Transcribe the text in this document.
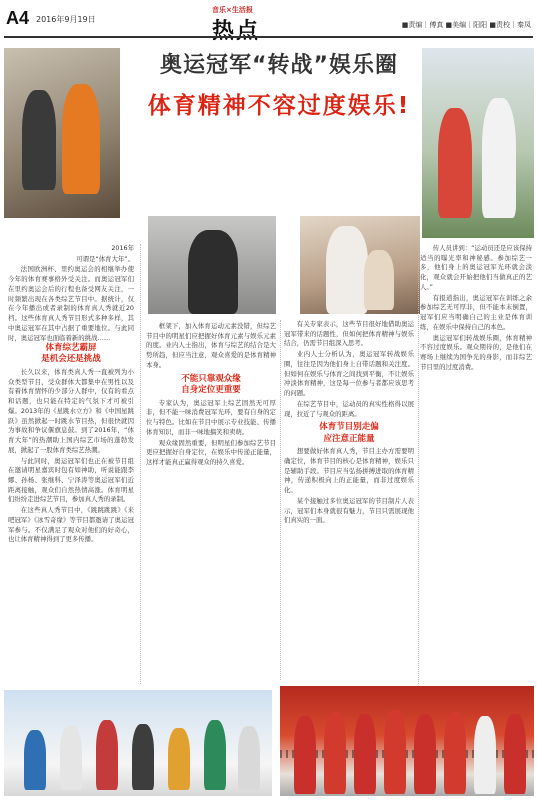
A4 2016年9月19日
音乐×生活报
热点	■责编｜傅真 ■美编｜阳阳 ■责校｜秦凤
奥运冠军“转战”娱乐圈
体育精神不容过度娱乐!

2016年

可谓是“体育大年”。

法国欧洲杯、里约奥运会的相继举办使今年的体育赛事格外受关注。而奥运冠军们在里约奥运会后的行程也备受网友关注，一时频繁出现在各类综艺节目中。据统计，仅在今年播出或者录制的体育真人秀就近20档。这些体育真人秀节目形式多种多样，其中奥运冠军在其中占据了重要地位。与此同时，奥运冠军也面临着新的挑战……

体育综艺霸屏
是机会还是挑战

长久以来，体育类真人秀一直被列为小众类型节目，受众群体大都集中在男性以及有着体育情怀的少部分人群中，仅有的看点和话题，也只能在特定的气氛下才可被引爆。2013年的《星跳水立方》和《中国星跳跃》虽然掀起一时跳水节目热，但很快就因为事故和争议偃旗息鼓。到了2016年，“体育大年”的热潮助上国内综艺市场的蓬勃发展，掀起了一股体育类综艺热潮。

与此同时，奥运冠军们也正在被节目组在邀请明星嘉宾时包有如神助，听说能跟李娜、孙杨、张继科、宁泽涛等奥运冠军们近距离接触，观众们自然热情高涨。体育明星们纷纷走进综艺节目，参加真人秀的录制。

在这些真人秀节目中，《跳跳跳跳》《来吧冠军》《冰雪奇缘》等节目都邀请了奥运冠军参与。不仅满足了观众对他们的好奇心，也让体育精神得到了更多传播。

框架下，加入体育运动元素没错，但综艺节目中的明星们应把握好体育元素与娱乐元素的度。业内人士指出，体育与综艺的结合是大势所趋，但应当注意，观众喜爱的是体育精神本身。

不能只靠观众缘
自身定位更重要

专家认为，奥运冠军上综艺固然无可厚非，但不能一味消费冠军光环，要有自身的定位与特色。比如在节目中展示专业技能、传播体育知识，而非一味地搞笑和卖萌。

观众缘固然重要，但明星们参加综艺节目更应把握好自身定位，在娱乐中传递正能量，这样才能真正赢得观众的持久喜爱。

有关专家表示，这些节目很好地借助奥运冠军带来的话题性，但如何把体育精神与娱乐结合，仍需节目组深入思考。

业内人士分析认为，奥运冠军转战娱乐圈，往往是因为他们身上自带话题和关注度。但如何在娱乐与体育之间找到平衡，不让娱乐冲淡体育精神，这是每一位参与者都应该思考的问题。

在综艺节目中，运动员的真实性格得以展现，拉近了与观众的距离。

体育节目别走偏
应注意正能量

想要做好体育真人秀，节目主办方需要明确定位，体育节目的核心是体育精神，娱乐只是辅助手段。节目应当弘扬拼搏进取的体育精神，传递积极向上的正能量，而非过度娱乐化。

某个接触过多位奥运冠军的节目制片人表示，冠军们本身就很有魅力，节目只需展现他们真实的一面。

传人员讲到：“运动员还是应该保持适当的曝光率和神秘感。参加综艺一多，他们身上的奥运冠军光环就会淡化，观众就会开始把他们当做真正的艺人。”

有报道指出，奥运冠军在训练之余参加综艺无可厚非，但不能本末倒置，冠军们应当明确自己的主业是体育训练，在娱乐中保持自己的本色。

奥运冠军们转战娱乐圈，体育精神不容过度娱乐。观众期待的，是他们在赛场上继续为国争光的身影，而非综艺节目里的过度消费。
